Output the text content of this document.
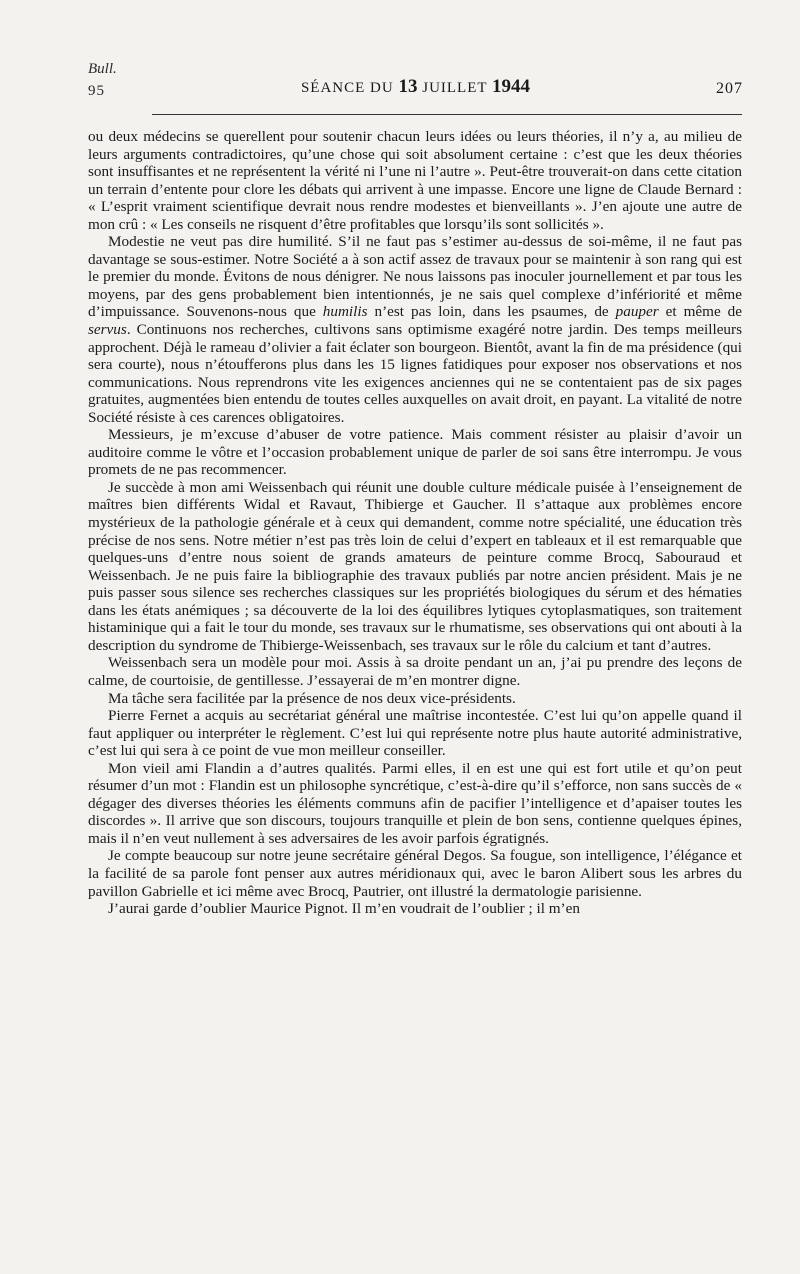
Bull.
95	SÉANCE DU 13 JUILLET 1944	207

ou deux médecins se querellent pour soutenir chacun leurs idées ou leurs théories, il n’y a, au milieu de leurs arguments contradictoires, qu’une chose qui soit absolument certaine : c’est que les deux théories sont insuffisantes et ne représentent la vérité ni l’une ni l’autre ». Peut-être trouverait-on dans cette citation un terrain d’entente pour clore les débats qui arrivent à une impasse. Encore une ligne de Claude Bernard : « L’esprit vraiment scientifique devrait nous rendre modestes et bienveillants ». J’en ajoute une autre de mon crû : « Les conseils ne risquent d’être profitables que lorsqu’ils sont sollicités ».

Modestie ne veut pas dire humilité. S’il ne faut pas s’estimer au-dessus de soi-même, il ne faut pas davantage se sous-estimer. Notre Société a à son actif assez de travaux pour se maintenir à son rang qui est le premier du monde. Évitons de nous dénigrer. Ne nous laissons pas inoculer journellement et par tous les moyens, par des gens probablement bien intentionnés, je ne sais quel complexe d’infériorité et même d’impuissance. Souvenons-nous que humilis n’est pas loin, dans les psaumes, de pauper et même de servus. Continuons nos recherches, cultivons sans optimisme exagéré notre jardin. Des temps meilleurs approchent. Déjà le rameau d’olivier a fait éclater son bourgeon. Bientôt, avant la fin de ma présidence (qui sera courte), nous n’étoufferons plus dans les 15 lignes fatidiques pour exposer nos observations et nos communications. Nous reprendrons vite les exigences anciennes qui ne se contentaient pas de six pages gratuites, augmentées bien entendu de toutes celles auxquelles on avait droit, en payant. La vitalité de notre Société résiste à ces carences obligatoires.

Messieurs, je m’excuse d’abuser de votre patience. Mais comment résister au plaisir d’avoir un auditoire comme le vôtre et l’occasion probablement unique de parler de soi sans être interrompu. Je vous promets de ne pas recommencer.

Je succède à mon ami Weissenbach qui réunit une double culture médicale puisée à l’enseignement de maîtres bien différents Widal et Ravaut, Thibierge et Gaucher. Il s’attaque aux problèmes encore mystérieux de la pathologie générale et à ceux qui demandent, comme notre spécialité, une éducation très précise de nos sens. Notre métier n’est pas très loin de celui d’expert en tableaux et il est remarquable que quelques-uns d’entre nous soient de grands amateurs de peinture comme Brocq, Sabouraud et Weissenbach. Je ne puis faire la bibliographie des travaux publiés par notre ancien président. Mais je ne puis passer sous silence ses recherches classiques sur les propriétés biologiques du sérum et des hématies dans les états anémiques ; sa découverte de la loi des équilibres lytiques cytoplasmatiques, son traitement histaminique qui a fait le tour du monde, ses travaux sur le rhumatisme, ses observations qui ont abouti à la description du syndrome de Thibierge-Weissenbach, ses travaux sur le rôle du calcium et tant d’autres.

Weissenbach sera un modèle pour moi. Assis à sa droite pendant un an, j’ai pu prendre des leçons de calme, de courtoisie, de gentillesse. J’essayerai de m’en montrer digne.

Ma tâche sera facilitée par la présence de nos deux vice-présidents.

Pierre Fernet a acquis au secrétariat général une maîtrise incontestée. C’est lui qu’on appelle quand il faut appliquer ou interpréter le règlement. C’est lui qui représente notre plus haute autorité administrative, c’est lui qui sera à ce point de vue mon meilleur conseiller.

Mon vieil ami Flandin a d’autres qualités. Parmi elles, il en est une qui est fort utile et qu’on peut résumer d’un mot : Flandin est un philosophe syncrétique, c’est-à-dire qu’il s’efforce, non sans succès de « dégager des diverses théories les éléments communs afin de pacifier l’intelligence et d’apaiser toutes les discordes ». Il arrive que son discours, toujours tranquille et plein de bon sens, contienne quelques épines, mais il n’en veut nullement à ses adversaires de les avoir parfois égratignés.

Je compte beaucoup sur notre jeune secrétaire général Degos. Sa fougue, son intelligence, l’élégance et la facilité de sa parole font penser aux autres méridionaux qui, avec le baron Alibert sous les arbres du pavillon Gabrielle et ici même avec Brocq, Pautrier, ont illustré la dermatologie parisienne.

J’aurai garde d’oublier Maurice Pignot. Il m’en voudrait de l’oublier ; il m’en
